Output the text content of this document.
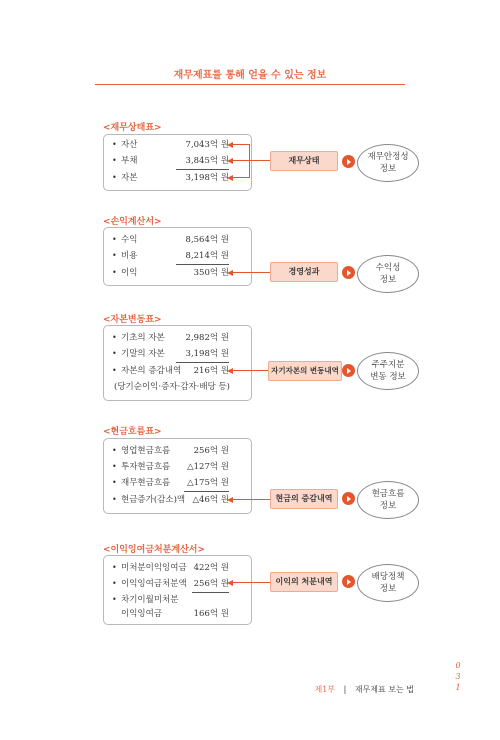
재무제표를 통해 얻을 수 있는 정보
<재무상태표>
• 자산	7,043억 원
• 부채	3,845억 원
• 자본	3,198억 원
재무상태	재무안정성
정보
<손익계산서>
• 수익	8,564억 원
• 비용	8,214억 원
• 이익	350억 원	경영성과	수익성
정보
<자본변동표>
• 기초의 자본 2,982억 원
• 기말의 자본 3,198억 원
• 자본의 증감내역 216억 원
(당기순이익·증자·감자·배당 등)
자기자본의 변동내역
주주지분
변동 정보
<현금흐름표>
• 영업현금흐름	256억 원
• 투자현금흐름 △127억 원
• 재무현금흐름 △175억 원
• 현금증가(감소)액 △46억 원	현금의 증감내역	현금흐름
정보
<이익잉여금처분계산서>
• 미처분이익잉여금 422억 원
• 이익잉여금처분액 256억 원
• 차기이월미처분
이익잉여금	166억 원
이익의 처분내역	배당정책
정보
0
3
1
제1부 | 재무제표 보는 법
